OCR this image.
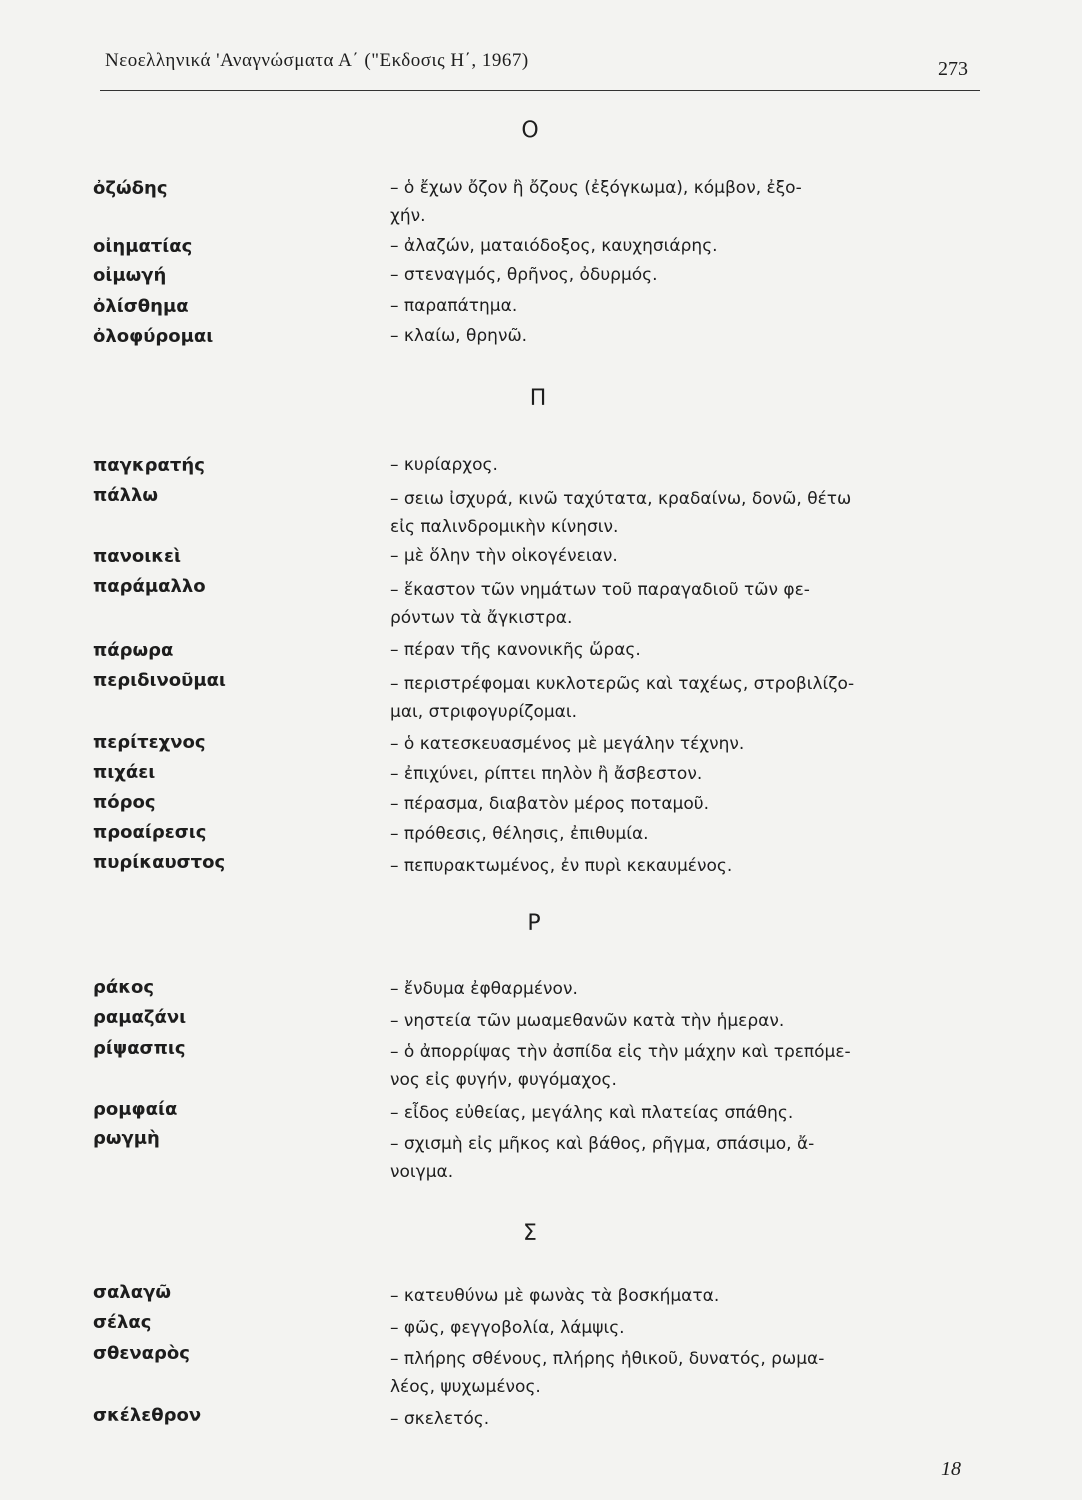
Νεοελληνικά 'Αναγνώσματα Α΄ ("Εκδοσις Η΄, 1967)	273
Ο
ὀζώδης	– ὁ ἔχων ὄζον ἢ ὄζους (ἐξόγκωμα), κόμβον, ἐξο-
χήν.
οἰηματίας	– ἀλαζών, ματαιόδοξος, καυχησιάρης.
οἰμωγή	– στεναγμός, θρῆνος, ὀδυρμός.
ὀλίσθημα	– παραπάτημα.
ὀλοφύρομαι	– κλαίω, θρηνῶ.
Π
παγκρατής	– κυρίαρχος.
πάλλω	– σειω ἰσχυρά, κινῶ ταχύτατα, κραδαίνω, δονῶ, θέτω
εἰς παλινδρομικὴν κίνησιν.
πανοικεὶ	– μὲ ὅλην τὴν οἰκογένειαν.
παράμαλλο	– ἕκαστον τῶν νημάτων τοῦ παραγαδιοῦ τῶν φε-
ρόντων τὰ ἄγκιστρα.
πάρωρα	– πέραν τῆς κανονικῆς ὥρας.
περιδινοῦμαι	– περιστρέφομαι κυκλοτερῶς καὶ ταχέως, στροβιλίζο-
μαι, στριφογυρίζομαι.
περίτεχνος	– ὁ κατεσκευασμένος μὲ μεγάλην τέχνην.
πιχάει	– ἐπιχύνει, ρίπτει πηλὸν ἢ ἄσβεστον.
πόρος	– πέρασμα, διαβατὸν μέρος ποταμοῦ.
προαίρεσις	– πρόθεσις, θέλησις, ἐπιθυμία.
πυρίκαυστος	– πεπυρακτωμένος, ἐν πυρὶ κεκαυμένος.
Ρ
ράκος	– ἔνδυμα ἐφθαρμένον.
ραμαζάνι	– νηστεία τῶν μωαμεθανῶν κατὰ τὴν ἡμεραν.
ρίψασπις	– ὁ ἀπορρίψας τὴν ἀσπίδα εἰς τὴν μάχην καὶ τρεπόμε-
νος εἰς φυγήν, φυγόμαχος.
ρομφαία	– εἶδος εὐθείας, μεγάλης καὶ πλατείας σπάθης.
ρωγμὴ	– σχισμὴ εἰς μῆκος καὶ βάθος, ρῆγμα, σπάσιμο, ἄ-
νοιγμα.
Σ
σαλαγῶ	– κατευθύνω μὲ φωνὰς τὰ βοσκήματα.
σέλας	– φῶς, φεγγοβολία, λάμψις.
σθεναρὸς	– πλήρης σθένους, πλήρης ἠθικοῦ, δυνατός, ρωμα-
λέος, ψυχωμένος.
σκέλεθρον	– σκελετός.
18
